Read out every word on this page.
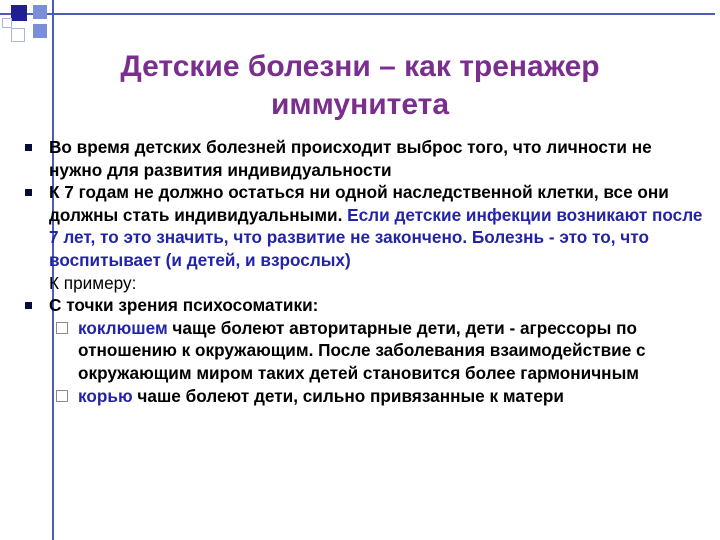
Детские болезни – как тренажер иммунитета
Во время детских болезней происходит выброс того, что личности не нужно для развития индивидуальности
К 7 годам не должно остаться ни одной наследственной клетки, все они должны стать индивидуальными. Если детские инфекции возникают после 7 лет, то это значить, что развитие не закончено. Болезнь - это то, что воспитывает (и детей, и взрослых)
К примеру:
С точки зрения психосоматики:
коклюшем чаще болеют авторитарные дети, дети - агрессоры по отношению к окружающим. После заболевания взаимодействие с окружающим миром таких детей становится более гармоничным
корью чаше болеют дети, сильно привязанные к матери
